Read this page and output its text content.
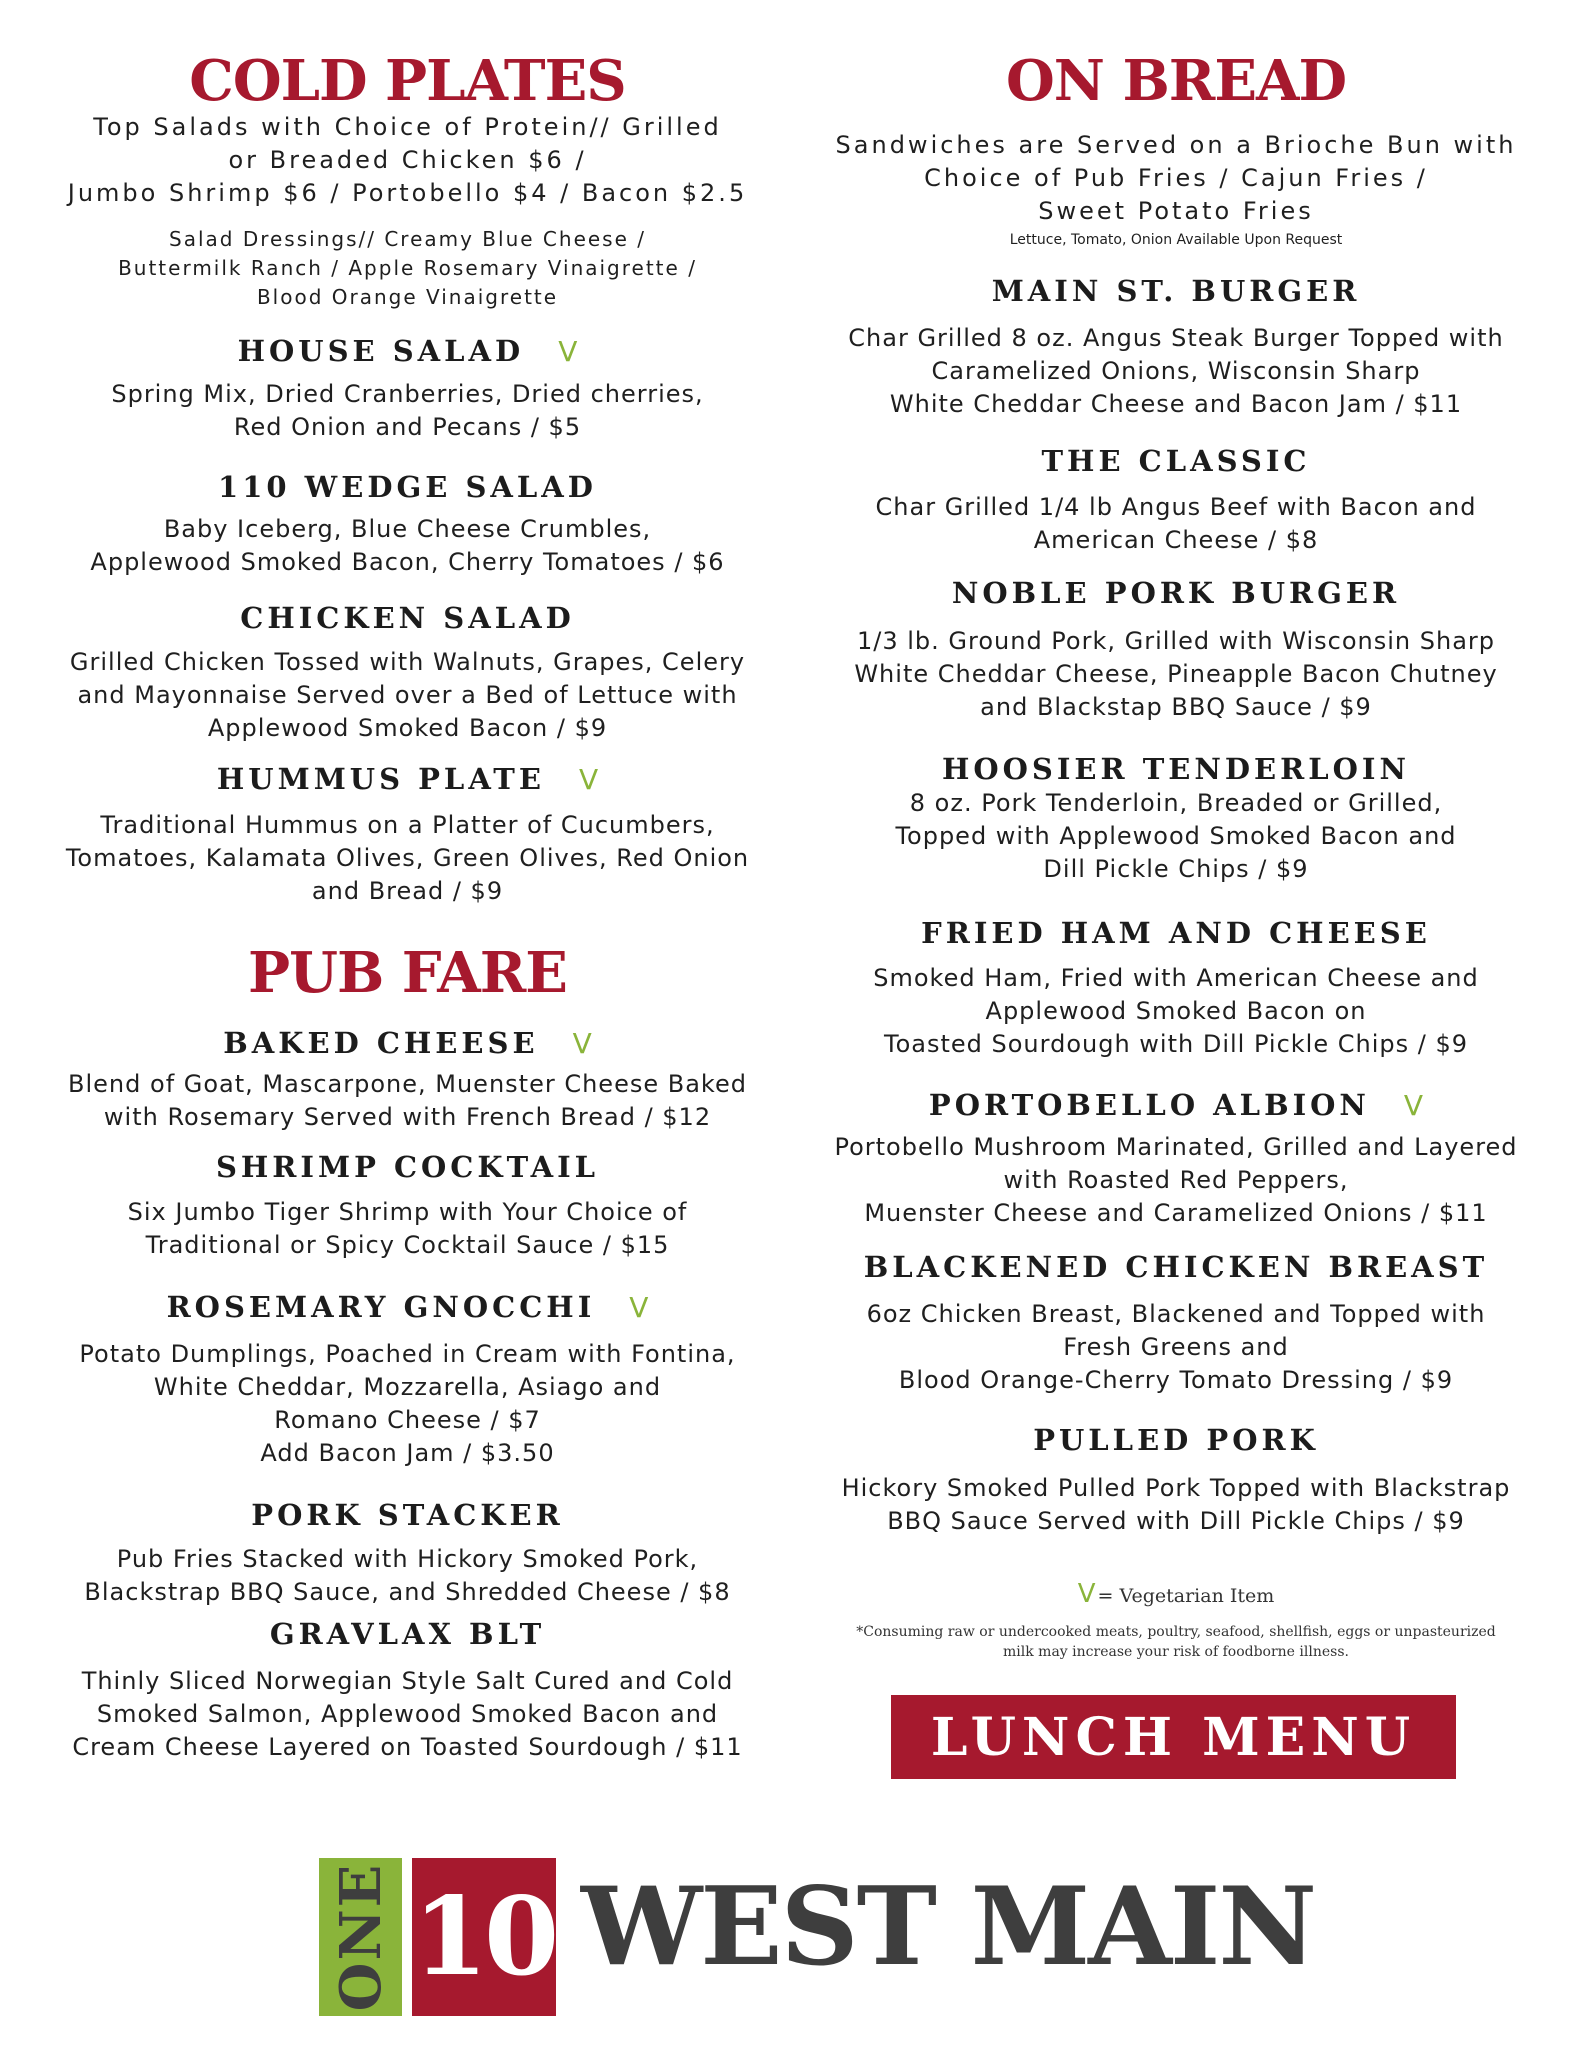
COLD PLATES
Top Salads with Choice of Protein// Grilled
or Breaded Chicken $6 /
Jumbo Shrimp $6 / Portobello $4 / Bacon $2.5
Salad Dressings// Creamy Blue Cheese /
Buttermilk Ranch / Apple Rosemary Vinaigrette /
Blood Orange Vinaigrette
HOUSE SALAD V
Spring Mix, Dried Cranberries, Dried cherries,
Red Onion and Pecans / $5
110 WEDGE SALAD
Baby Iceberg, Blue Cheese Crumbles,
Applewood Smoked Bacon, Cherry Tomatoes / $6
CHICKEN SALAD
Grilled Chicken Tossed with Walnuts, Grapes, Celery
and Mayonnaise Served over a Bed of Lettuce with
Applewood Smoked Bacon / $9
HUMMUS PLATE V
Traditional Hummus on a Platter of Cucumbers,
Tomatoes, Kalamata Olives, Green Olives, Red Onion
and Bread / $9
PUB FARE
BAKED CHEESE V
Blend of Goat, Mascarpone, Muenster Cheese Baked
with Rosemary Served with French Bread / $12
SHRIMP COCKTAIL
Six Jumbo Tiger Shrimp with Your Choice of
Traditional or Spicy Cocktail Sauce / $15
ROSEMARY GNOCCHI V
Potato Dumplings, Poached in Cream with Fontina,
White Cheddar, Mozzarella, Asiago and
Romano Cheese / $7
Add Bacon Jam / $3.50
PORK STACKER
Pub Fries Stacked with Hickory Smoked Pork,
Blackstrap BBQ Sauce, and Shredded Cheese / $8
GRAVLAX BLT
Thinly Sliced Norwegian Style Salt Cured and Cold
Smoked Salmon, Applewood Smoked Bacon and
Cream Cheese Layered on Toasted Sourdough / $11
ON BREAD
Sandwiches are Served on a Brioche Bun with
Choice of Pub Fries / Cajun Fries /
Sweet Potato Fries
Lettuce, Tomato, Onion Available Upon Request
MAIN ST. BURGER
Char Grilled 8 oz. Angus Steak Burger Topped with
Caramelized Onions, Wisconsin Sharp
White Cheddar Cheese and Bacon Jam / $11
THE CLASSIC
Char Grilled 1/4 lb Angus Beef with Bacon and
American Cheese / $8
NOBLE PORK BURGER
1/3 lb. Ground Pork, Grilled with Wisconsin Sharp
White Cheddar Cheese, Pineapple Bacon Chutney
and Blackstap BBQ Sauce / $9
HOOSIER TENDERLOIN
8 oz. Pork Tenderloin, Breaded or Grilled,
Topped with Applewood Smoked Bacon and
Dill Pickle Chips / $9
FRIED HAM AND CHEESE
Smoked Ham, Fried with American Cheese and
Applewood Smoked Bacon on
Toasted Sourdough with Dill Pickle Chips / $9
PORTOBELLO ALBION V
Portobello Mushroom Marinated, Grilled and Layered
with Roasted Red Peppers,
Muenster Cheese and Caramelized Onions / $11
BLACKENED CHICKEN BREAST
6oz Chicken Breast, Blackened and Topped with
Fresh Greens and
Blood Orange-Cherry Tomato Dressing / $9
PULLED PORK
Hickory Smoked Pulled Pork Topped with Blackstrap
BBQ Sauce Served with Dill Pickle Chips / $9
V = Vegetarian Item
*Consuming raw or undercooked meats, poultry, seafood, shellfish, eggs or unpasteurized
milk may increase your risk of foodborne illness.
LUNCH MENU
ONE 10 WEST MAIN
